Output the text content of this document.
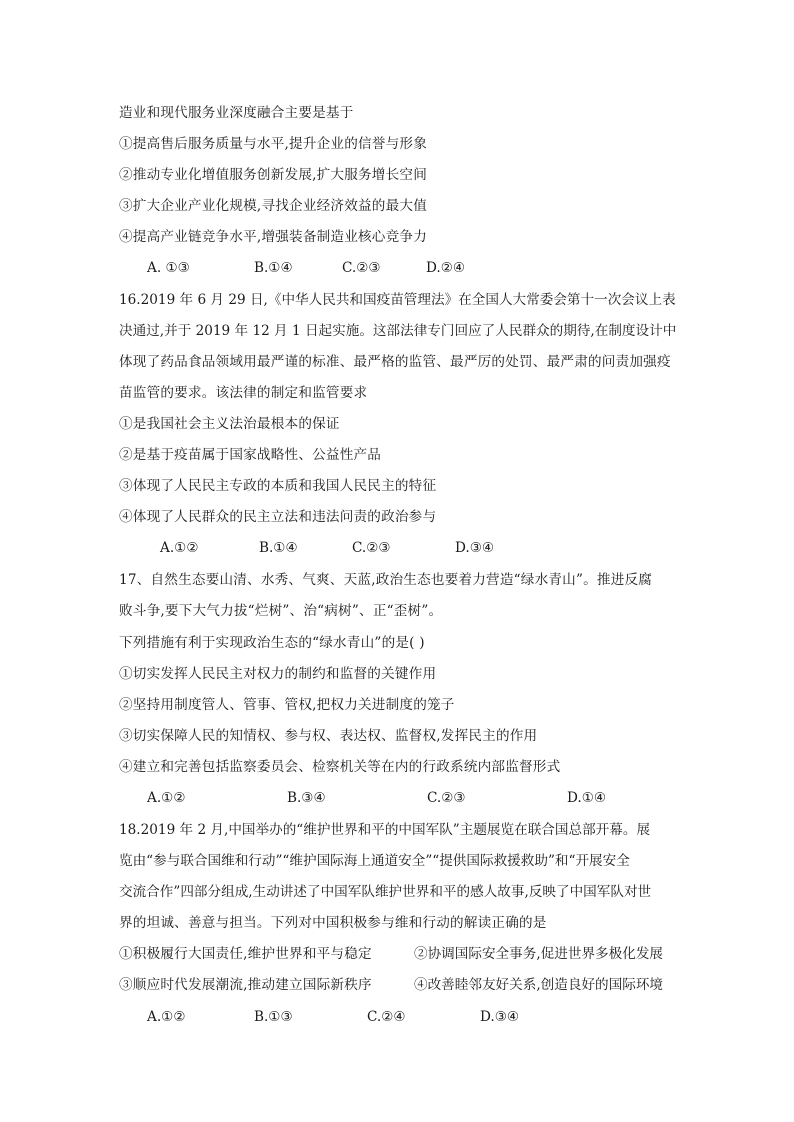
造业和现代服务业深度融合主要是基于
①提高售后服务质量与水平,提升企业的信誉与形象
②推动专业化增值服务创新发展,扩大服务增长空间
③扩大企业产业化规模,寻找企业经济效益的最大值
④提高产业链竞争水平,增强装备制造业核心竞争力
A. ①③	B.①④	C.②③	D.②④
16.2019 年 6 月 29 日,《中华人民共和国疫苗管理法》在全国人大常委会第十一次会议上表
决通过,并于 2019 年 12 月 1 日起实施。这部法律专门回应了人民群众的期待,在制度设计中
体现了药品食品领域用最严谨的标准、最严格的监管、最严厉的处罚、最严肃的问责加强疫
苗监管的要求。该法律的制定和监管要求
①是我国社会主义法治最根本的保证
②是基于疫苗属于国家战略性、公益性产品
③体现了人民民主专政的本质和我国人民民主的特征
④体现了人民群众的民主立法和违法问责的政治参与
A.①②	B.①④	C.②③	D.③④
17、自然生态要山清、水秀、气爽、天蓝,政治生态也要着力营造“绿水青山”。推进反腐
败斗争,要下大气力拔“烂树”、治“病树”、正“歪树”。
下列措施有利于实现政治生态的“绿水青山”的是( )
①切实发挥人民民主对权力的制约和监督的关键作用
②坚持用制度管人、管事、管权,把权力关进制度的笼子
③切实保障人民的知情权、参与权、表达权、监督权,发挥民主的作用
④建立和完善包括监察委员会、检察机关等在内的行政系统内部监督形式
A.①②	B.③④	C.②③	D.①④
18.2019 年 2 月,中国举办的“维护世界和平的中国军队”主题展览在联合国总部开幕。展
览由“参与联合国维和行动”“维护国际海上通道安全”“提供国际救援救助”和“开展安全
交流合作”四部分组成,生动讲述了中国军队维护世界和平的感人故事,反映了中国军队对世
界的坦诚、善意与担当。下列对中国积极参与维和行动的解读正确的是
①积极履行大国责任,维护世界和平与稳定	②协调国际安全事务,促进世界多极化发展
③顺应时代发展潮流,推动建立国际新秩序	④改善睦邻友好关系,创造良好的国际环境
A.①②	B.①③	C.②④	D.③④
